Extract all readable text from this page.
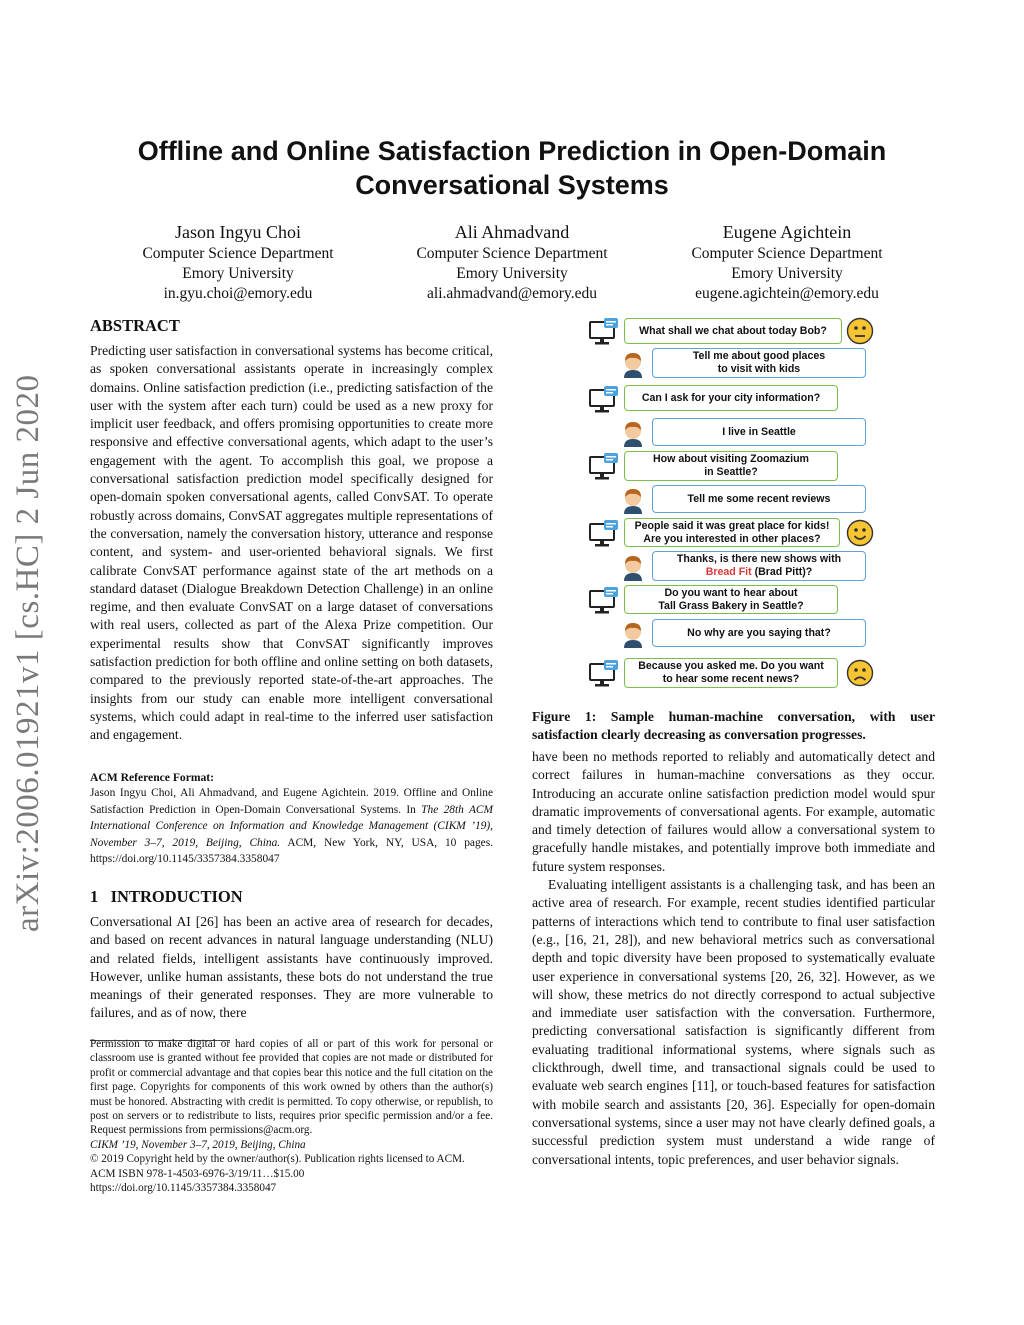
arXiv:2006.01921v1 [cs.HC] 2 Jun 2020
Offline and Online Satisfaction Prediction in Open-Domain
Conversational Systems
Jason Ingyu Choi
Computer Science Department
Emory University
in.gyu.choi@emory.edu
Ali Ahmadvand
Computer Science Department
Emory University
ali.ahmadvand@emory.edu
Eugene Agichtein
Computer Science Department
Emory University
eugene.agichtein@emory.edu
ABSTRACT

Predicting user satisfaction in conversational systems has become critical, as spoken conversational assistants operate in increasingly complex domains. Online satisfaction prediction (i.e., predicting satisfaction of the user with the system after each turn) could be used as a new proxy for implicit user feedback, and offers promising opportunities to create more responsive and effective conversational agents, which adapt to the user’s engagement with the agent. To accomplish this goal, we propose a conversational satisfaction prediction model specifically designed for open-domain spoken conversational agents, called ConvSAT. To operate robustly across domains, ConvSAT aggregates multiple representations of the conversation, namely the conversation history, utterance and response content, and system- and user-oriented behavioral signals. We first calibrate ConvSAT performance against state of the art methods on a standard dataset (Dialogue Breakdown Detection Challenge) in an online regime, and then evaluate ConvSAT on a large dataset of conversations with real users, collected as part of the Alexa Prize competition. Our experimental results show that ConvSAT significantly improves satisfaction prediction for both offline and online setting on both datasets, compared to the previously reported state-of-the-art approaches. The insights from our study can enable more intelligent conversational systems, which could adapt in real-time to the inferred user satisfaction and engagement.

ACM Reference Format:

Jason Ingyu Choi, Ali Ahmadvand, and Eugene Agichtein. 2019. Offline and Online Satisfaction Prediction in Open-Domain Conversational Systems. In The 28th ACM International Conference on Information and Knowledge Management (CIKM ’19), November 3–7, 2019, Beijing, China. ACM, New York, NY, USA, 10 pages. https://doi.org/10.1145/3357384.3358047

1   INTRODUCTION

Conversational AI [26] has been an active area of research for decades, and based on recent advances in natural language understanding (NLU) and related fields, intelligent assistants have continuously improved. However, unlike human assistants, these bots do not understand the true meanings of their generated responses. They are more vulnerable to failures, and as of now, there

Permission to make digital or hard copies of all or part of this work for personal or classroom use is granted without fee provided that copies are not made or distributed for profit or commercial advantage and that copies bear this notice and the full citation on the first page. Copyrights for components of this work owned by others than the author(s) must be honored. Abstracting with credit is permitted. To copy otherwise, or republish, to post on servers or to redistribute to lists, requires prior specific permission and/or a fee. Request permissions from permissions@acm.org.
CIKM ’19, November 3–7, 2019, Beijing, China
© 2019 Copyright held by the owner/author(s). Publication rights licensed to ACM.
ACM ISBN 978-1-4503-6976-3/19/11…$15.00
https://doi.org/10.1145/3357384.3358047
What shall we chat about today Bob?
Tell me about good places
to visit with kids
Can I ask for your city information?
I live in Seattle
How about visiting Zoomazium
in Seattle?
Tell me some recent reviews
People said it was great place for kids!
Are you interested in other places?
Thanks, is there new shows with
Bread Fit (Brad Pitt)?
Do you want to hear about
Tall Grass Bakery in Seattle?
No why are you saying that?
Because you asked me. Do you want
to hear some recent news?
Figure 1: Sample human-machine conversation, with user satisfaction clearly decreasing as conversation progresses.

have been no methods reported to reliably and automatically detect and correct failures in human-machine conversations as they occur. Introducing an accurate online satisfaction prediction model would spur dramatic improvements of conversational agents. For example, automatic and timely detection of failures would allow a conversational system to gracefully handle mistakes, and potentially improve both immediate and future system responses.

Evaluating intelligent assistants is a challenging task, and has been an active area of research. For example, recent studies identified particular patterns of interactions which tend to contribute to final user satisfaction (e.g., [16, 21, 28]), and new behavioral metrics such as conversational depth and topic diversity have been proposed to systematically evaluate user experience in conversational systems [20, 26, 32]. However, as we will show, these metrics do not directly correspond to actual subjective and immediate user satisfaction with the conversation. Furthermore, predicting conversational satisfaction is significantly different from evaluating traditional informational systems, where signals such as clickthrough, dwell time, and transactional signals could be used to evaluate web search engines [11], or touch-based features for satisfaction with mobile search and assistants [20, 36]. Especially for open-domain conversational systems, since a user may not have clearly defined goals, a successful prediction system must understand a wide range of conversational intents, topic preferences, and user behavior signals.
